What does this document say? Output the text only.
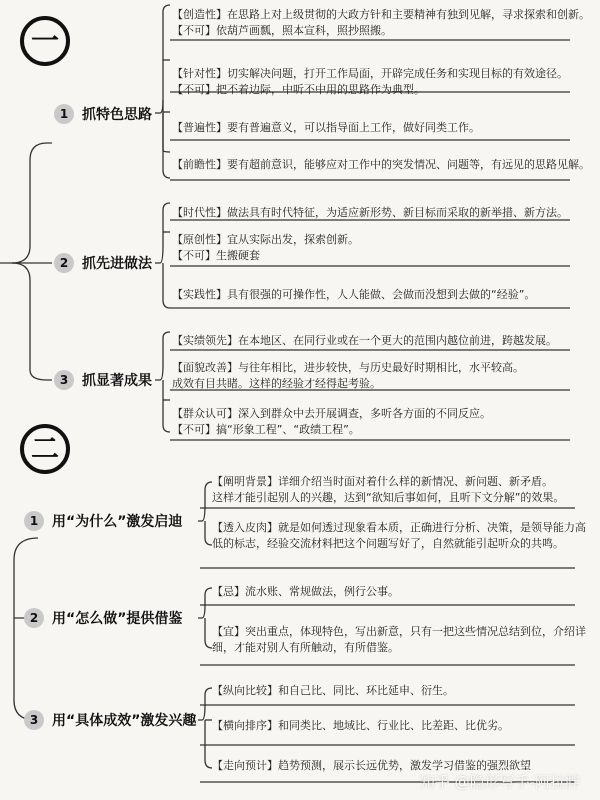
一
1 抓特色思路

【创造性】在思路上对上级贯彻的大政方针和主要精神有独到见解，寻求探索和创新。

【不可】依葫芦画瓢，照本宣科，照抄照搬。

【针对性】切实解决问题，打开工作局面，开辟完成任务和实现目标的有效途径。

【不可】把不着边际，中听不中用的思路作为典型。

【普遍性】要有普遍意义，可以指导面上工作，做好同类工作。

【前瞻性】要有超前意识，能够应对工作中的突发情况、问题等，有远见的思路见解。

2 抓先进做法

【时代性】做法具有时代特征，为适应新形势、新目标而采取的新举措、新方法。

【原创性】宜从实际出发，探索创新。

【不可】生搬硬套

【实践性】具有很强的可操作性，人人能做、会做而没想到去做的“经验”。

3 抓显著成果

【实绩领先】在本地区、在同行业或在一个更大的范围内越位前进，跨越发展。

【面貌改善】与往年相比，进步较快，与历史最好时期相比，水平较高。

成效有目共睹。这样的经验才经得起考验。

【群众认可】深入到群众中去开展调查，多听各方面的不同反应。

【不可】搞“形象工程”、“政绩工程”。

二
1 用“为什么”激发启迪

【阐明背景】详细介绍当时面对着什么样的新情况、新问题、新矛盾。

这样才能引起别人的兴趣，达到“欲知后事如何，且听下文分解”的效果。

【透入皮肉】就是如何透过现象看本质，正确进行分析、决策，是领导能力高

低的标志，经验交流材料把这个问题写好了，自然就能引起听众的共鸣。

2 用“怎么做”提供借鉴

【忌】流水账、常规做法，例行公事。

【宜】突出重点，体现特色，写出新意，只有一把这些情况总结到位，介绍详

细，才能对别人有所触动，有所借鉴。

3 用“具体成效”激发兴趣

【纵向比较】和自己比、同比、环比延申、衍生。

【横向排序】和同类比、地域比、行业比、比差距、比优劣。

【走向预计】趋势预测，展示长远优势，激发学习借鉴的强烈欲望

知乎 @隐形写手-阿拉胖
